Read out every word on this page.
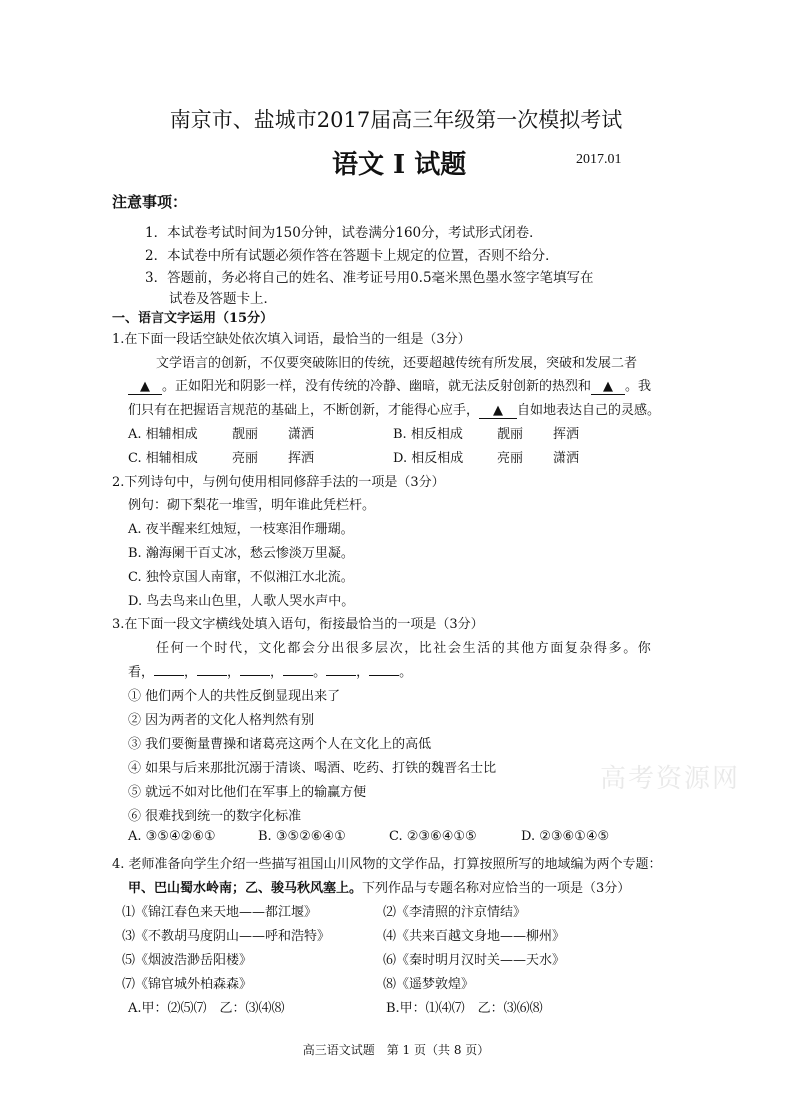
南京市、盐城市2017届高三年级第一次模拟考试
语文 I 试题	2017.01
注意事项：
1．本试卷考试时间为150分钟，试卷满分160分，考试形式闭卷．
2．本试卷中所有试题必须作答在答题卡上规定的位置，否则不给分．
3．答题前，务必将自己的姓名、准考证号用0.5毫米黑色墨水签字笔填写在
试卷及答题卡上．
一、语言文字运用（15分）
1.在下面一段话空缺处依次填入词语，最恰当的一组是（3分）
文学语言的创新，不仅要突破陈旧的传统，还要超越传统有所发展，突破和发展二者
▲ 。正如阳光和阴影一样，没有传统的冷静、幽暗，就无法反射创新的热烈和 ▲ 。我
们只有在把握语言规范的基础上，不断创新，才能得心应手， ▲ 自如地表达自己的灵感。
A. 相辅相成	靓丽 潇洒	B. 相反相成	靓丽 挥洒
C. 相辅相成	亮丽 挥洒	D. 相反相成	亮丽 潇洒
2.下列诗句中，与例句使用相同修辞手法的一项是（3分）
例句：砌下梨花一堆雪，明年谁此凭栏杆。
A. 夜半醒来红烛短，一枝寒泪作珊瑚。
B. 瀚海阑干百丈冰，愁云惨淡万里凝。
C. 独怜京国人南窜，不似湘江水北流。
D. 鸟去鸟来山色里，人歌人哭水声中。
3.在下面一段文字横线处填入语句，衔接最恰当的一项是（3分）
任何一个时代，文化都会分出很多层次，比社会生活的其他方面复杂得多。你
看， ， ， ， 。 ， 。
① 他们两个人的共性反倒显现出来了
② 因为两者的文化人格判然有别
③ 我们要衡量曹操和诸葛亮这两个人在文化上的高低
④ 如果与后来那批沉溺于清谈、喝酒、吃药、打铁的魏晋名士比
⑤ 就远不如对比他们在军事上的输赢方便
⑥ 很难找到统一的数字化标准
A. ③⑤④②⑥①	B. ③⑤②⑥④①	C. ②③⑥④①⑤	D. ②③⑥①④⑤
4. 老师准备向学生介绍一些描写祖国山川风物的文学作品，打算按照所写的地域编为两个专题：
甲、巴山蜀水岭南；乙、骏马秋风塞上。下列作品与专题名称对应恰当的一项是（3分）
⑴《锦江春色来天地——都江堰》	⑵《李清照的汴京情结》
⑶《不教胡马度阴山——呼和浩特》	⑷《共来百越文身地——柳州》
⑸《烟波浩渺岳阳楼》	⑹《秦时明月汉时关——天水》
⑺《锦官城外柏森森》	⑻《遥梦敦煌》
A.甲：⑵⑸⑺　乙：⑶⑷⑻	B.甲：⑴⑷⑺　乙：⑶⑹⑻
高考资源网
高三语文试题　第 1 页（共 8 页）
